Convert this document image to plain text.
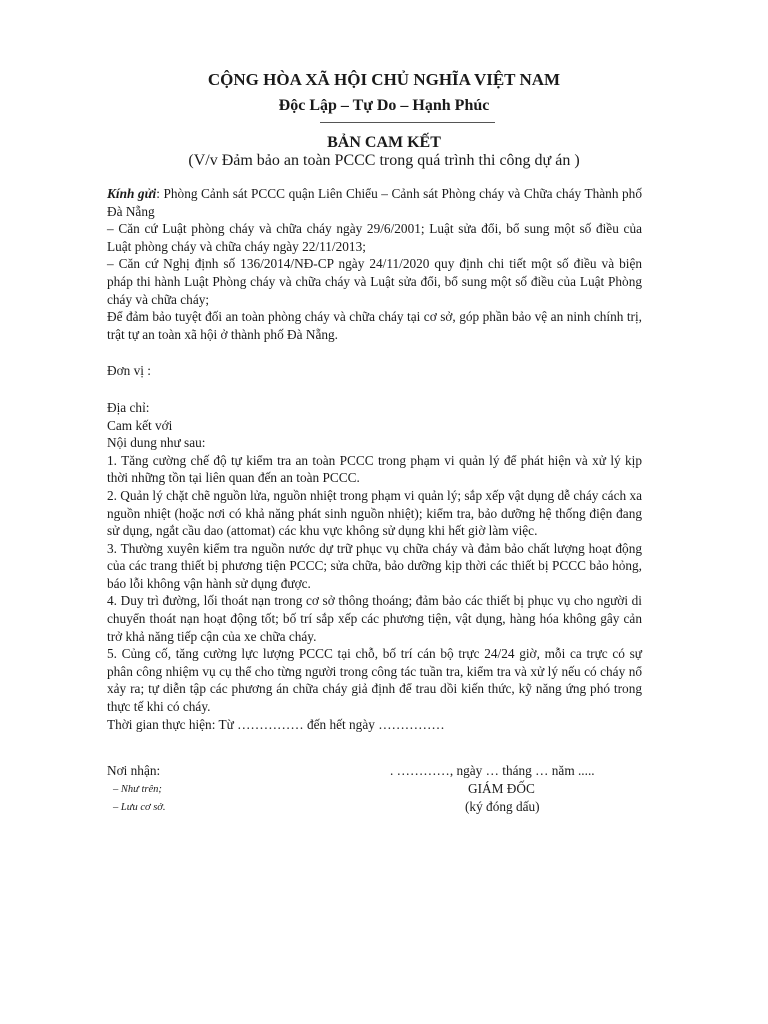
CỘNG HÒA XÃ HỘI CHỦ NGHĨA VIỆT NAM
Độc Lập – Tự Do – Hạnh Phúc
BẢN CAM KẾT
(V/v Đảm bảo an toàn PCCC trong quá trình thi công dự án )

Kính gửi: Phòng Cảnh sát PCCC quận Liên Chiểu – Cảnh sát Phòng cháy và Chữa cháy Thành phố Đà Nẵng

– Căn cứ Luật phòng cháy và chữa cháy ngày 29/6/2001; Luật sửa đổi, bổ sung một số điều của Luật phòng cháy và chữa cháy ngày 22/11/2013;

– Căn cứ Nghị định số 136/2014/NĐ-CP ngày 24/11/2020 quy định chi tiết một số điều và biện pháp thi hành Luật Phòng cháy và chữa cháy và Luật sửa đổi, bổ sung một số điều của Luật Phòng cháy và chữa cháy;

Để đảm bảo tuyệt đối an toàn phòng cháy và chữa cháy tại cơ sở, góp phần bảo vệ an ninh chính trị, trật tự an toàn xã hội ở thành phố Đà Nẵng.

Đơn vị :

Địa chỉ:

Cam kết với

Nội dung như sau:

1. Tăng cường chế độ tự kiểm tra an toàn PCCC trong phạm vi quản lý để phát hiện và xử lý kịp thời những tồn tại liên quan đến an toàn PCCC.

2. Quản lý chặt chẽ nguồn lửa, nguồn nhiệt trong phạm vi quản lý; sắp xếp vật dụng dễ cháy cách xa nguồn nhiệt (hoặc nơi có khả năng phát sinh nguồn nhiệt); kiểm tra, bảo dưỡng hệ thống điện đang sử dụng, ngắt cầu dao (attomat) các khu vực không sử dụng khi hết giờ làm việc.

3. Thường xuyên kiểm tra nguồn nước dự trữ phục vụ chữa cháy và đảm bảo chất lượng hoạt động của các trang thiết bị phương tiện PCCC; sửa chữa, bảo dưỡng kịp thời các thiết bị PCCC bảo hỏng, báo lỗi không vận hành sử dụng được.

4. Duy trì đường, lối thoát nạn trong cơ sở thông thoáng; đảm bảo các thiết bị phục vụ cho người di chuyển thoát nạn hoạt động tốt; bố trí sắp xếp các phương tiện, vật dụng, hàng hóa không gây cản trở khả năng tiếp cận của xe chữa cháy.

5. Củng cố, tăng cường lực lượng PCCC tại chỗ, bố trí cán bộ trực 24/24 giờ, mỗi ca trực có sự phân công nhiệm vụ cụ thể cho từng người trong công tác tuần tra, kiểm tra và xử lý nếu có cháy nổ xảy ra; tự diễn tập các phương án chữa cháy giả định để trau dồi kiến thức, kỹ năng ứng phó trong thực tế khi có cháy.

Thời gian thực hiện: Từ …………… đến hết ngày ……………

Nơi nhận:
– Như trên;
– Lưu cơ sở.
. …………, ngày … tháng … năm .....
GIÁM ĐỐC
(ký đóng dấu)
